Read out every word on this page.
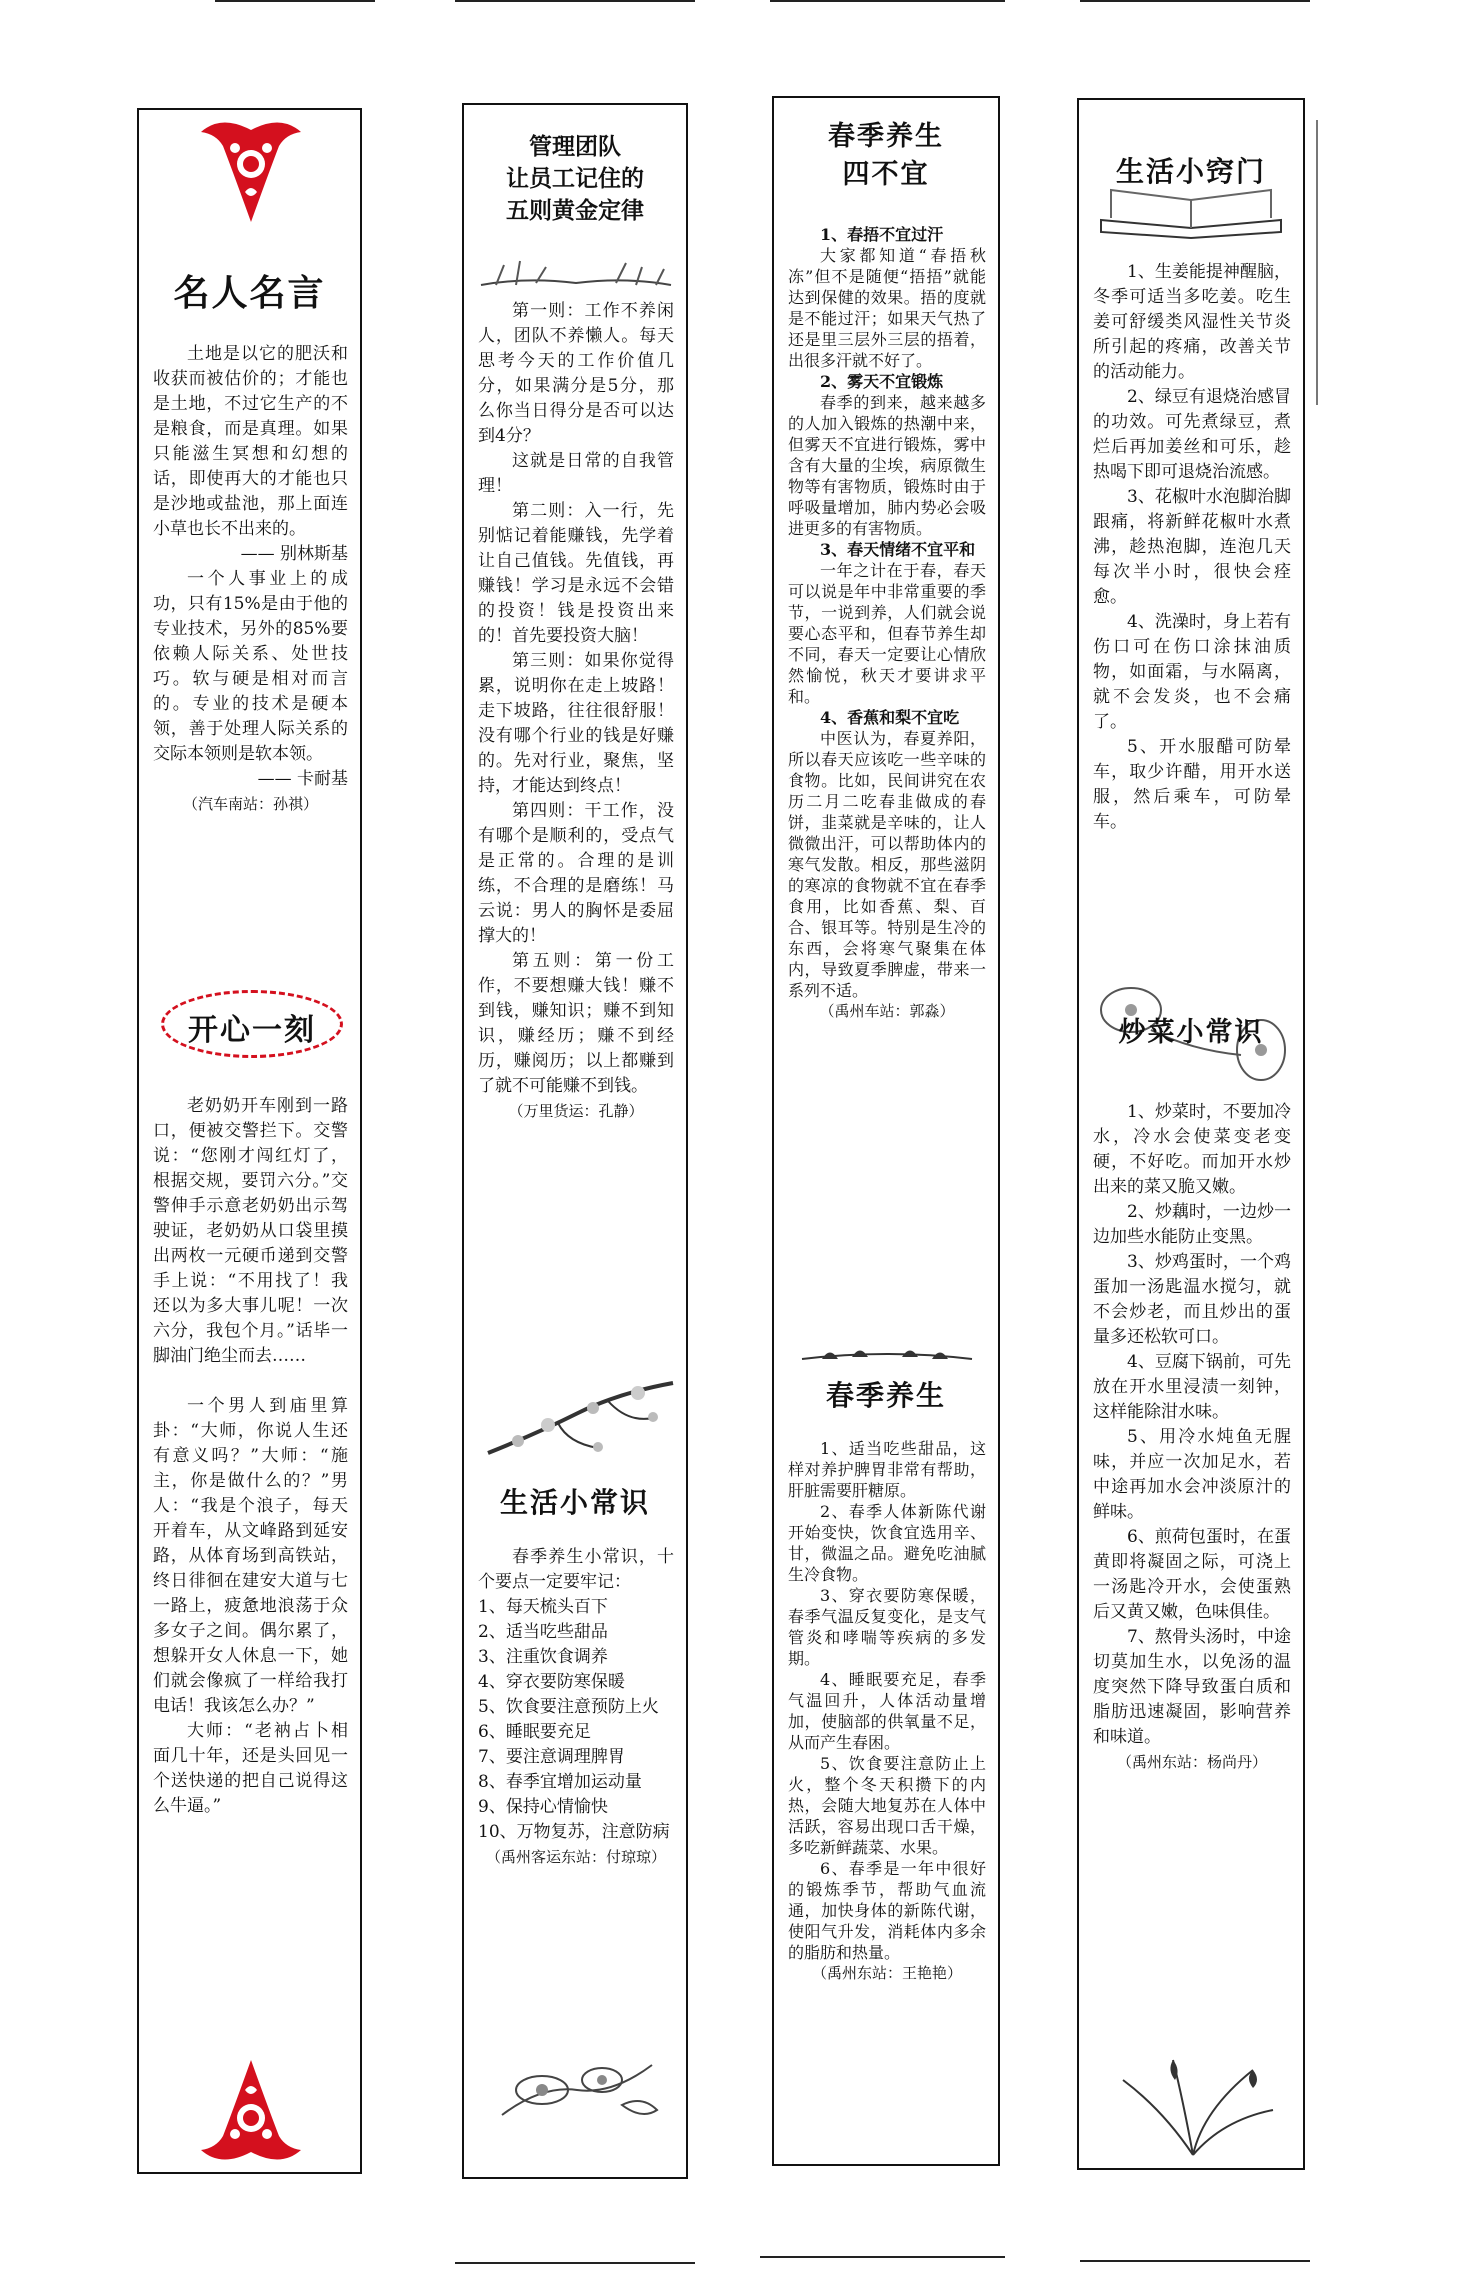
名人名言

土地是以它的肥沃和收获而被估价的；才能也是土地，不过它生产的不是粮食，而是真理。如果只能滋生冥想和幻想的话，即使再大的才能也只是沙地或盐池，那上面连小草也长不出来的。

—— 别林斯基

一个人事业上的成功，只有15%是由于他的专业技术，另外的85%要依赖人际关系、处世技巧。软与硬是相对而言的。专业的技术是硬本领，善于处理人际关系的交际本领则是软本领。

—— 卡耐基

（汽车南站：孙祺）

开心一刻

老奶奶开车刚到一路口，便被交警拦下。交警说：“您刚才闯红灯了，根据交规，要罚六分。”交警伸手示意老奶奶出示驾驶证，老奶奶从口袋里摸出两枚一元硬币递到交警手上说：“不用找了！我还以为多大事儿呢！一次六分，我包个月。”话毕一脚油门绝尘而去……

一个男人到庙里算卦：“大师，你说人生还有意义吗？”大师：“施主，你是做什么的？”男人：“我是个浪子，每天开着车，从文峰路到延安路，从体育场到高铁站，终日徘徊在建安大道与七一路上，疲惫地浪荡于众多女子之间。偶尔累了，想躲开女人休息一下，她们就会像疯了一样给我打电话！我该怎么办？”

大师：“老衲占卜相面几十年，还是头回见一个送快递的把自己说得这么牛逼。”

管理团队
让员工记住的
五则黄金定律

第一则：工作不养闲人，团队不养懒人。每天思考今天的工作价值几分，如果满分是5分，那么你当日得分是否可以达到4分？

这就是日常的自我管理！

第二则：入一行，先别惦记着能赚钱，先学着让自己值钱。先值钱，再赚钱！学习是永远不会错的投资！钱是投资出来的！首先要投资大脑！

第三则：如果你觉得累，说明你在走上坡路！走下坡路，往往很舒服！没有哪个行业的钱是好赚的。先对行业，聚焦，坚持，才能达到终点！

第四则：干工作，没有哪个是顺利的，受点气是正常的。合理的是训练，不合理的是磨练！马云说：男人的胸怀是委屈撑大的！

第五则：第一份工作，不要想赚大钱！赚不到钱，赚知识；赚不到知识，赚经历；赚不到经历，赚阅历；以上都赚到了就不可能赚不到钱。

（万里货运：孔静）

生活小常识

春季养生小常识，十个要点一定要牢记：

1、每天梳头百下

2、适当吃些甜品

3、注重饮食调养

4、穿衣要防寒保暖

5、饮食要注意预防上火

6、睡眠要充足

7、要注意调理脾胃

8、春季宜增加运动量

9、保持心情愉快

10、万物复苏，注意防病

（禹州客运东站：付琼琼）

春季养生
四不宜

1、春捂不宜过汗

大家都知道“春捂秋冻”但不是随便“捂捂”就能达到保健的效果。捂的度就是不能过汗；如果天气热了还是里三层外三层的捂着，出很多汗就不好了。

2、雾天不宜锻炼

春季的到来，越来越多的人加入锻炼的热潮中来，但雾天不宜进行锻炼，雾中含有大量的尘埃，病原微生物等有害物质，锻炼时由于呼吸量增加，肺内势必会吸进更多的有害物质。

3、春天情绪不宜平和

一年之计在于春，春天可以说是年中非常重要的季节，一说到养，人们就会说要心态平和，但春节养生却不同，春天一定要让心情欣然愉悦，秋天才要讲求平和。

4、香蕉和梨不宜吃

中医认为，春夏养阳，所以春天应该吃一些辛味的食物。比如，民间讲究在农历二月二吃春韭做成的春饼，韭菜就是辛味的，让人微微出汗，可以帮助体内的寒气发散。相反，那些滋阴的寒凉的食物就不宜在春季食用，比如香蕉、梨、百合、银耳等。特别是生冷的东西，会将寒气聚集在体内，导致夏季脾虚，带来一系列不适。

（禹州车站：郭淼）

春季养生

1、适当吃些甜品，这样对养护脾胃非常有帮助，肝脏需要肝糖原。

2、春季人体新陈代谢开始变快，饮食宜选用辛、甘，微温之品。避免吃油腻生冷食物。

3、穿衣要防寒保暖，春季气温反复变化，是支气管炎和哮喘等疾病的多发期。

4、睡眠要充足，春季气温回升，人体活动量增加，使脑部的供氧量不足，从而产生春困。

5、饮食要注意防止上火，整个冬天积攒下的内热，会随大地复苏在人体中活跃，容易出现口舌干燥，多吃新鲜蔬菜、水果。

6、春季是一年中很好的锻炼季节，帮助气血流通，加快身体的新陈代谢，使阳气升发，消耗体内多余的脂肪和热量。

（禹州东站：王艳艳）

生活小窍门

1、生姜能提神醒脑，冬季可适当多吃姜。吃生姜可舒缓类风湿性关节炎所引起的疼痛，改善关节的活动能力。

2、绿豆有退烧治感冒的功效。可先煮绿豆，煮烂后再加姜丝和可乐，趁热喝下即可退烧治流感。

3、花椒叶水泡脚治脚跟痛，将新鲜花椒叶水煮沸，趁热泡脚，连泡几天每次半小时，很快会痊愈。

4、洗澡时，身上若有伤口可在伤口涂抹油质物，如面霜，与水隔离，就不会发炎，也不会痛了。

5、开水服醋可防晕车，取少许醋，用开水送服，然后乘车，可防晕车。

炒菜小常识

1、炒菜时，不要加冷水，冷水会使菜变老变硬，不好吃。而加开水炒出来的菜又脆又嫩。

2、炒藕时，一边炒一边加些水能防止变黑。

3、炒鸡蛋时，一个鸡蛋加一汤匙温水搅匀，就不会炒老，而且炒出的蛋量多还松软可口。

4、豆腐下锅前，可先放在开水里浸渍一刻钟，这样能除泔水味。

5、用冷水炖鱼无腥味，并应一次加足水，若中途再加水会冲淡原汁的鲜味。

6、煎荷包蛋时，在蛋黄即将凝固之际，可浇上一汤匙冷开水，会使蛋熟后又黄又嫩，色味俱佳。

7、熬骨头汤时，中途切莫加生水，以免汤的温度突然下降导致蛋白质和脂肪迅速凝固，影响营养和味道。

（禹州东站：杨尚丹）
